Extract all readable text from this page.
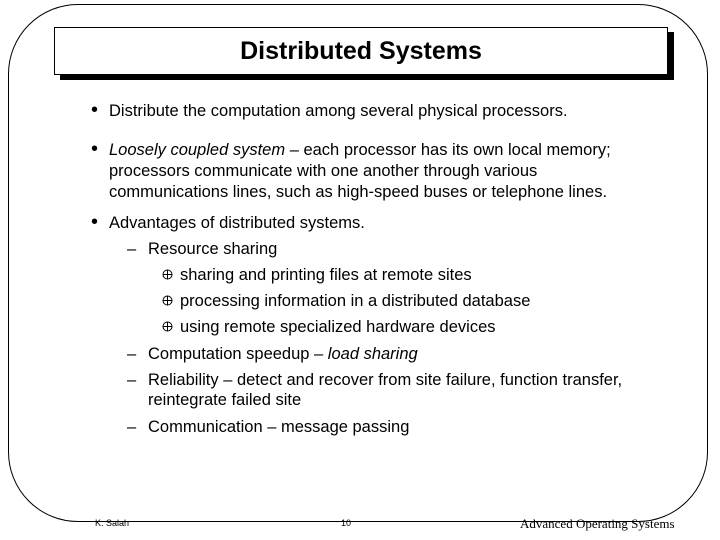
Distributed Systems
• Distribute the computation among several physical processors.
• Loosely coupled system – each processor has its own local memory;
processors communicate with one another through various
communications lines, such as high-speed buses or telephone lines.
• Advantages of distributed systems.
– Resource sharing
sharing and printing files at remote sites
processing information in a distributed database
using remote specialized hardware devices
– Computation speedup – load sharing
– Reliability – detect and recover from site failure, function transfer,
reintegrate failed site
– Communication – message passing
K. Salah	10	Advanced Operating Systems
